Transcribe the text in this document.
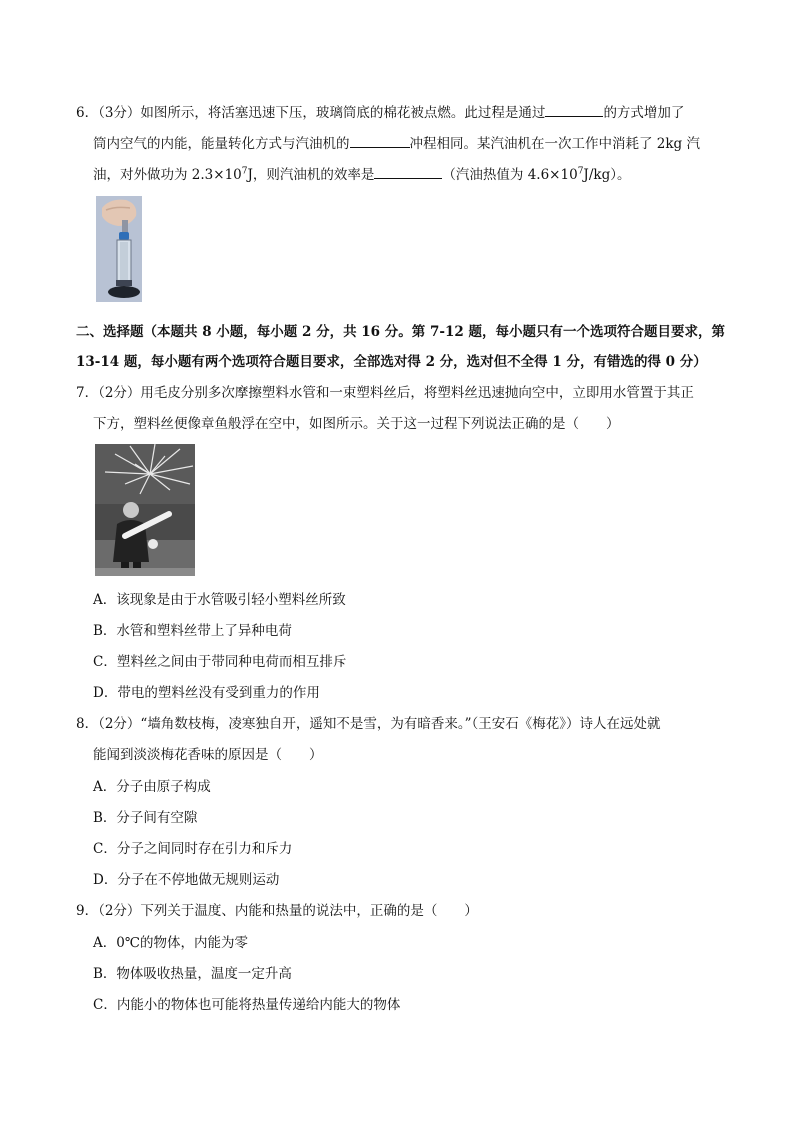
6．（3分）如图所示，将活塞迅速下压，玻璃筒底的棉花被点燃。此过程是通过	的方式增加了
筒内空气的内能，能量转化方式与汽油机的	冲程相同。某汽油机在一次工作中消耗了 2kg 汽
油，对外做功为 $2.3\times 10^7J$，则汽油机的效率是	（汽油热值为 $4.6\times 10^7J/kg$）。
二、选择题（本题共 8 小题，每小题 2 分，共 16 分。第 7-12 题，每小题只有一个选项符合题目要求，第
13-14 题，每小题有两个选项符合题目要求，全部选对得 2 分，选对但不全得 1 分，有错选的得 0 分）
7．（2分）用毛皮分别多次摩擦塑料水管和一束塑料丝后，将塑料丝迅速抛向空中，立即用水管置于其正
下方，塑料丝便像章鱼般浮在空中，如图所示。关于这一过程下列说法正确的是（　　）
A．该现象是由于水管吸引轻小塑料丝所致
B．水管和塑料丝带上了异种电荷
C．塑料丝之间由于带同种电荷而相互排斥
D．带电的塑料丝没有受到重力的作用
8．（2分）“墙角数枝梅，凌寒独自开，遥知不是雪，为有暗香来。”（王安石《梅花》）诗人在远处就
能闻到淡淡梅花香味的原因是（　　）
A．分子由原子构成
B．分子间有空隙
C．分子之间同时存在引力和斥力
D．分子在不停地做无规则运动
9．（2分）下列关于温度、内能和热量的说法中，正确的是（　　）
A．0℃的物体，内能为零
B．物体吸收热量，温度一定升高
C．内能小的物体也可能将热量传递给内能大的物体
